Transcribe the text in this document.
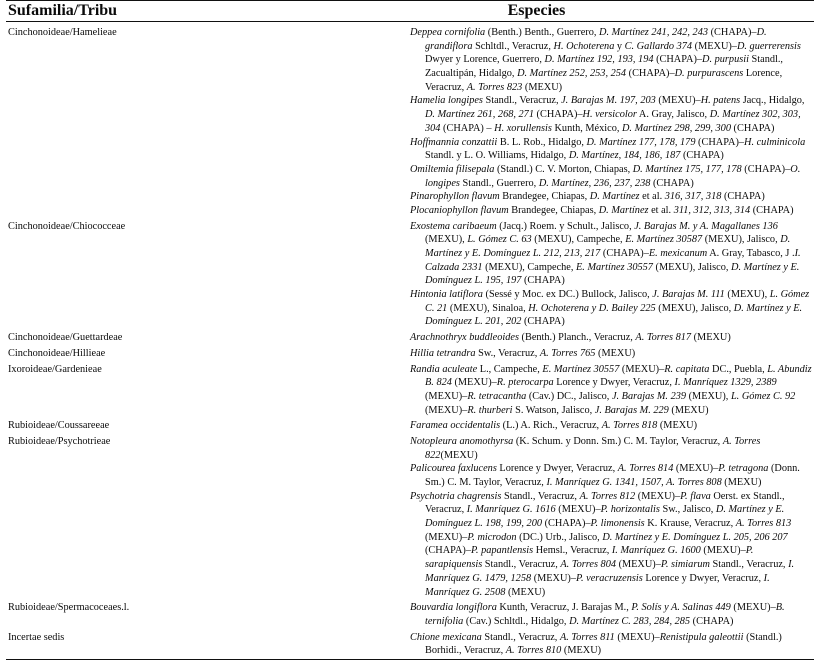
Sufamilia/Tribu	Especies

Cinchonoideae/Hamelieae	Deppea cornifolia (Benth.) Benth., Guerrero, D. Martínez 241, 242, 243 (CHAPA)–D. grandiflora Schltdl., Veracruz, H. Ochoterena y C. Gallardo 374 (MEXU)–D. guerrerensis Dwyer y Lorence, Guerrero, D. Martínez 192, 193, 194 (CHAPA)–D. purpusii Standl., Zacualtipán, Hidalgo, D. Martínez 252, 253, 254 (CHAPA)–D. purpurascens Lorence, Veracruz, A. Torres 823 (MEXU)

Hamelia longipes Standl., Veracruz, J. Barajas M. 197, 203 (MEXU)–H. patens Jacq., Hidalgo, D. Martínez 261, 268, 271 (CHAPA)–H. versicolor A. Gray, Jalisco, D. Martínez 302, 303, 304 (CHAPA) – H. xorullensis Kunth, México, D. Martínez 298, 299, 300 (CHAPA)

Hoffmannia conzattii B. L. Rob., Hidalgo, D. Martínez 177, 178, 179 (CHAPA)–H. culminicola Standl. y L. O. Williams, Hidalgo, D. Martínez, 184, 186, 187 (CHAPA)

Omiltemia filisepala (Standl.) C. V. Morton, Chiapas, D. Martínez 175, 177, 178 (CHAPA)–O. longipes Standl., Guerrero, D. Martínez, 236, 237, 238 (CHAPA)

Pinarophyllon flavum Brandegee, Chiapas, D. Martínez et al. 316, 317, 318 (CHAPA)

Plocaniophyllon flavum Brandegee, Chiapas, D. Martínez et al. 311, 312, 313, 314 (CHAPA)

Cinchonoideae/Chiococceae	Exostema caribaeum (Jacq.) Roem. y Schult., Jalisco, J. Barajas M. y A. Magallanes 136 (MEXU), L. Gómez C. 63 (MEXU), Campeche, E. Martínez 30587 (MEXU), Jalisco, D. Martínez y E. Domínguez L. 212, 213, 217 (CHAPA)–E. mexicanum A. Gray, Tabasco, J .I. Calzada 2331 (MEXU), Campeche, E. Martínez 30557 (MEXU), Jalisco, D. Martínez y E. Domínguez L. 195, 197 (CHAPA)

Hintonia latiflora (Sessé y Moc. ex DC.) Bullock, Jalisco, J. Barajas M. 111 (MEXU), L. Gómez C. 21 (MEXU), Sinaloa, H. Ochoterena y D. Bailey 225 (MEXU), Jalisco, D. Martínez y E. Domínguez L. 201, 202 (CHAPA)

Cinchonoideae/Guettardeae	Arachnothryx buddleoides (Benth.) Planch., Veracruz, A. Torres 817 (MEXU)

Cinchonoideae/Hillieae	Hillia tetrandra Sw., Veracruz, A. Torres 765 (MEXU)

Ixoroideae/Gardenieae	Randia aculeate L., Campeche, E. Martínez 30557 (MEXU)–R. capitata DC., Puebla, L. Abundiz B. 824 (MEXU)–R. pterocarpa Lorence y Dwyer, Veracruz, I. Manríquez 1329, 2389 (MEXU)–R. tetracantha (Cav.) DC., Jalisco, J. Barajas M. 239 (MEXU), L. Gómez C. 92 (MEXU)–R. thurberi S. Watson, Jalisco, J. Barajas M. 229 (MEXU)

Rubioideae/Coussareeae	Faramea occidentalis (L.) A. Rich., Veracruz, A. Torres 818 (MEXU)

Rubioideae/Psychotrieae	Notopleura anomothyrsa (K. Schum. y Donn. Sm.) C. M. Taylor, Veracruz, A. Torres 822(MEXU)

Palicourea faxlucens Lorence y Dwyer, Veracruz, A. Torres 814 (MEXU)–P. tetragona (Donn. Sm.) C. M. Taylor, Veracruz, I. Manríquez G. 1341, 1507, A. Torres 808 (MEXU)

Psychotria chagrensis Standl., Veracruz, A. Torres 812 (MEXU)–P. flava Oerst. ex Standl., Veracruz, I. Manríquez G. 1616 (MEXU)–P. horizontalis Sw., Jalisco, D. Martínez y E. Domínguez L. 198, 199, 200 (CHAPA)–P. limonensis K. Krause, Veracruz, A. Torres 813 (MEXU)–P. microdon (DC.) Urb., Jalisco, D. Martínez y E. Domínguez L. 205, 206 207 (CHAPA)–P. papantlensis Hemsl., Veracruz, I. Manríquez G. 1600 (MEXU)–P. sarapiquensis Standl., Veracruz, A. Torres 804 (MEXU)–P. simiarum Standl., Veracruz, I. Manríquez G. 1479, 1258 (MEXU)–P. veracruzensis Lorence y Dwyer, Veracruz, I. Manríquez G. 2508 (MEXU)

Rubioideae/Spermacoceaes.l.	Bouvardia longiflora Kunth, Veracruz, J. Barajas M., P. Solís y A. Salinas 449 (MEXU)–B. ternifolia (Cav.) Schltdl., Hidalgo, D. Martínez C. 283, 284, 285 (CHAPA)

Incertae sedis	Chione mexicana Standl., Veracruz, A. Torres 811 (MEXU)–Renistipula galeottii (Standl.) Borhidi., Veracruz, A. Torres 810 (MEXU)
